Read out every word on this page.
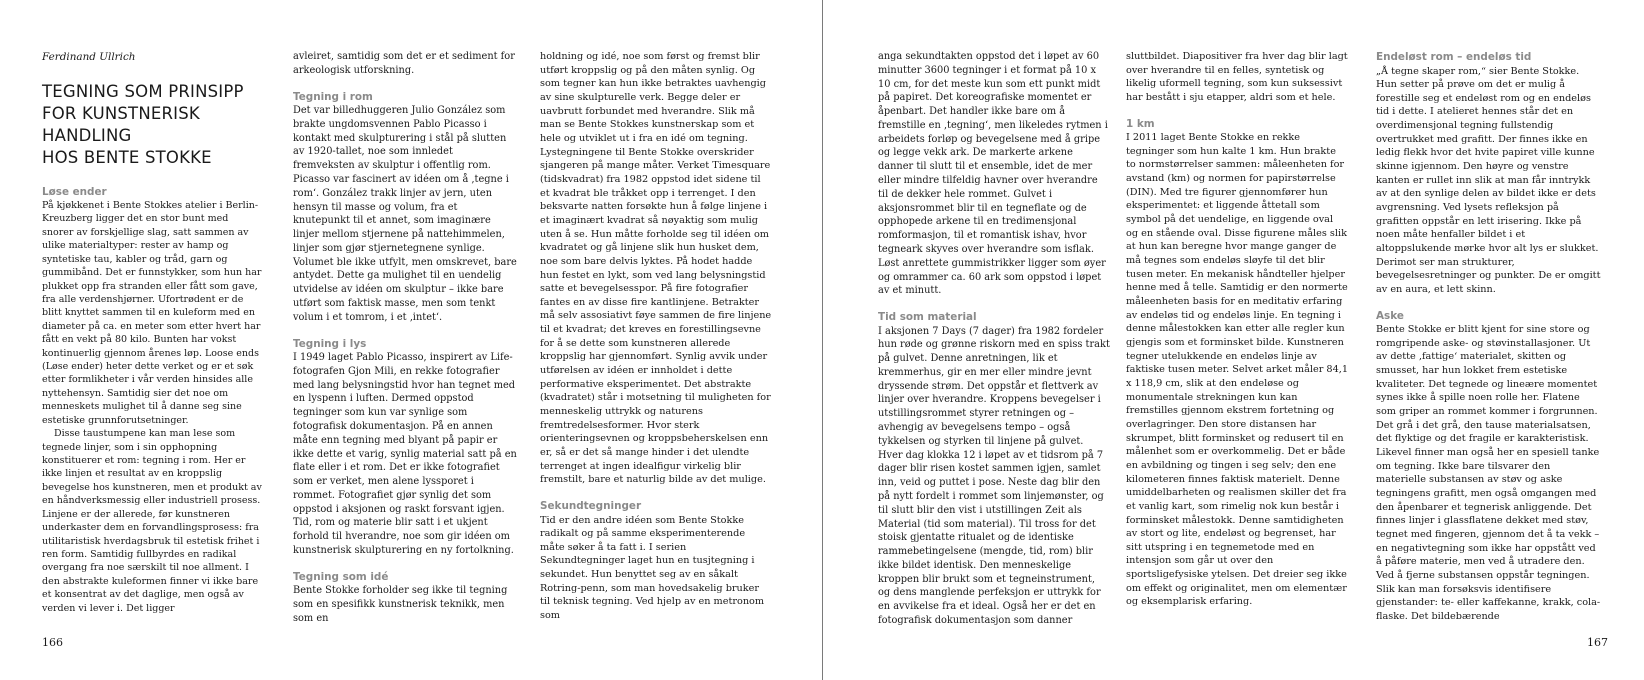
Ferdinand Ullrich
TEGNING SOM PRINSIPP
FOR KUNSTNERISK
HANDLING
HOS BENTE STOKKE
Løse ender

På kjøkkenet i Bente Stokkes atelier i Berlin-Kreuzberg ligger det en stor bunt med snorer av forskjellige slag, satt sammen av ulike materialtyper: rester av hamp og syntetiske tau, kabler og tråd, garn og gummibånd. Det er funnstykker, som hun har plukket opp fra stranden eller fått som gave, fra alle verdenshjørner. Ufortrødent er de blitt knyttet sammen til en kuleform med en diameter på ca. en meter som etter hvert har fått en vekt på 80 kilo. Bunten har vokst kontinuerlig gjennom årenes løp. Loose ends (Løse ender) heter dette verket og er et søk etter formlikheter i vår verden hinsides alle nyttehensyn. Samtidig sier det noe om menneskets mulighet til å danne seg sine estetiske grunnforutsetninger.

Disse taustumpene kan man lese som tegnede linjer, som i sin opphopning konstituerer et rom: tegning i rom. Her er ikke linjen et resultat av en kroppslig bevegelse hos kunstneren, men et produkt av en håndverksmessig eller industriell prosess. Linjene er der allerede, før kunstneren underkaster dem en forvandlingsprosess: fra utilitaristisk hverdagsbruk til estetisk frihet i ren form. Samtidig fullbyrdes en radikal overgang fra noe særskilt til noe allment. I den abstrakte kuleformen finner vi ikke bare et konsentrat av det daglige, men også av verden vi lever i. Det ligger

avleiret, samtidig som det er et sediment for arkeologisk utforskning.

Tegning i rom

Det var billedhuggeren Julio González som brakte ungdomsvennen Pablo Picasso i kontakt med skulpturering i stål på slutten av 1920-tallet, noe som innledet fremveksten av skulptur i offentlig rom. Picasso var fascinert av idéen om å ‚tegne i rom‘. González trakk linjer av jern, uten hensyn til masse og volum, fra et knutepunkt til et annet, som imaginære linjer mellom stjernene på nattehimmelen, linjer som gjør stjernetegnene synlige. Volumet ble ikke utfylt, men omskrevet, bare antydet. Dette ga mulighet til en uendelig utvidelse av idéen om skulptur – ikke bare utført som faktisk masse, men som tenkt volum i et tomrom, i et ‚intet‘.

Tegning i lys

I 1949 laget Pablo Picasso, inspirert av Life-fotografen Gjon Mili, en rekke fotografier med lang belysningstid hvor han tegnet med en lyspenn i luften. Dermed oppstod tegninger som kun var synlige som fotografisk dokumentasjon. På en annen måte enn tegning med blyant på papir er ikke dette et varig, synlig material satt på en flate eller i et rom. Det er ikke fotografiet som er verket, men alene lyssporet i rommet. Fotografiet gjør synlig det som oppstod i aksjonen og raskt forsvant igjen. Tid, rom og materie blir satt i et ukjent forhold til hverandre, noe som gir idéen om kunstnerisk skulpturering en ny fortolkning.

Tegning som idé

Bente Stokke forholder seg ikke til tegning som en spesifikk kunstnerisk teknikk, men som en

holdning og idé, noe som først og fremst blir utført kroppslig og på den måten synlig. Og som tegner kan hun ikke betraktes uavhengig av sine skulpturelle verk. Begge deler er uavbrutt forbundet med hverandre. Slik må man se Bente Stokkes kunstnerskap som et hele og utviklet ut i fra en idé om tegning. Lystegningene til Bente Stokke overskrider sjangeren på mange måter. Verket Timesquare (tidskvadrat) fra 1982 oppstod idet sidene til et kvadrat ble tråkket opp i terrenget. I den beksvarte natten forsøkte hun å følge linjene i et imaginært kvadrat så nøyaktig som mulig uten å se. Hun måtte forholde seg til idéen om kvadratet og gå linjene slik hun husket dem, noe som bare delvis lyktes. På hodet hadde hun festet en lykt, som ved lang belysningstid satte et bevegelsesspor. På fire fotografier fantes en av disse fire kantlinjene. Betrakter må selv assosiativt føye sammen de fire linjene til et kvadrat; det kreves en forestillingsevne for å se dette som kunstneren allerede kroppslig har gjennomført. Synlig avvik under utførelsen av idéen er innholdet i dette performative eksperimentet. Det abstrakte (kvadratet) står i motsetning til muligheten for menneskelig uttrykk og naturens fremtredelsesformer. Hvor sterk orienteringsevnen og kroppsbeherskelsen enn er, så er det så mange hinder i det ulendte terrenget at ingen idealfigur virkelig blir fremstilt, bare et naturlig bilde av det mulige.

Sekundtegninger

Tid er den andre idéen som Bente Stokke radikalt og på samme eksperimenterende måte søker å ta fatt i. I serien Sekundtegninger laget hun en tusjtegning i sekundet. Hun benyttet seg av en såkalt Rotring-penn, som man hovedsakelig bruker til teknisk tegning. Ved hjelp av en metronom som

166

anga sekundtakten oppstod det i løpet av 60 minutter 3600 tegninger i et format på 10 x 10 cm, for det meste kun som ett punkt midt på papiret. Det koreografiske momentet er åpenbart. Det handler ikke bare om å fremstille en ‚tegning‘, men likeledes rytmen i arbeidets forløp og bevegelsene med å gripe og legge vekk ark. De markerte arkene danner til slutt til et ensemble, idet de mer eller mindre tilfeldig havner over hverandre til de dekker hele rommet. Gulvet i aksjonsrommet blir til en tegneflate og de opphopede arkene til en tredimensjonal romformasjon, til et romantisk ishav, hvor tegneark skyves over hverandre som isflak. Løst anrettete gummistrikker ligger som øyer og omrammer ca. 60 ark som oppstod i løpet av et minutt.

Tid som material

I aksjonen 7 Days (7 dager) fra 1982 fordeler hun røde og grønne riskorn med en spiss trakt på gulvet. Denne anretningen, lik et kremmerhus, gir en mer eller mindre jevnt dryssende strøm. Det oppstår et flettverk av linjer over hverandre. Kroppens bevegelser i utstillingsrommet styrer retningen og – avhengig av bevegelsens tempo – også tykkelsen og styrken til linjene på gulvet. Hver dag klokka 12 i løpet av et tidsrom på 7 dager blir risen kostet sammen igjen, samlet inn, veid og puttet i pose. Neste dag blir den på nytt fordelt i rommet som linjemønster, og til slutt blir den vist i utstillingen Zeit als Material (tid som material). Til tross for det stoisk gjentatte ritualet og de identiske rammebetingelsene (mengde, tid, rom) blir ikke bildet identisk. Den menneskelige kroppen blir brukt som et tegneinstrument, og dens manglende perfeksjon er uttrykk for en avvikelse fra et ideal. Også her er det en fotografisk dokumentasjon som danner

sluttbildet. Diapositiver fra hver dag blir lagt over hverandre til en felles, syntetisk og likelig uformell tegning, som kun suksessivt har bestått i sju etapper, aldri som et hele.

1 km

I 2011 laget Bente Stokke en rekke tegninger som hun kalte 1 km. Hun brakte to normstørrelser sammen: måleenheten for avstand (km) og normen for papirstørrelse (DIN). Med tre figurer gjennomfører hun eksperimentet: et liggende åttetall som symbol på det uendelige, en liggende oval og en stående oval. Disse figurene måles slik at hun kan beregne hvor mange ganger de må tegnes som endeløs sløyfe til det blir tusen meter. En mekanisk håndteller hjelper henne med å telle. Samtidig er den normerte måleenheten basis for en meditativ erfaring av endeløs tid og endeløs linje. En tegning i denne målestokken kan etter alle regler kun gjengis som et forminsket bilde. Kunstneren tegner utelukkende en endeløs linje av faktiske tusen meter. Selvet arket måler 84,1 x 118,9 cm, slik at den endeløse og monumentale strekningen kun kan fremstilles gjennom ekstrem fortetning og overlagringer. Den store distansen har skrumpet, blitt forminsket og redusert til en målenhet som er overkommelig. Det er både en avbildning og tingen i seg selv; den ene kilometeren finnes faktisk materielt. Denne umiddelbarheten og realismen skiller det fra et vanlig kart, som rimelig nok kun består i forminsket målestokk. Denne samtidigheten av stort og lite, endeløst og begrenset, har sitt utspring i en tegnemetode med en intensjon som går ut over den sportsligefysiske ytelsen. Det dreier seg ikke om effekt og originalitet, men om elementær og eksemplarisk erfaring.

Endeløst rom – endeløs tid

„Å tegne skaper rom,“ sier Bente Stokke. Hun setter på prøve om det er mulig å forestille seg et endeløst rom og en endeløs tid i dette. I atelieret hennes står det en overdimensjonal tegning fullstendig overtrukket med grafitt. Der finnes ikke en ledig flekk hvor det hvite papiret ville kunne skinne igjennom. Den høyre og venstre kanten er rullet inn slik at man får inntrykk av at den synlige delen av bildet ikke er dets avgrensning. Ved lysets refleksjon på grafitten oppstår en lett irisering. Ikke på noen måte henfaller bildet i et altoppslukende mørke hvor alt lys er slukket. Derimot ser man strukturer, bevegelsesretninger og punkter. De er omgitt av en aura, et lett skinn.

Aske

Bente Stokke er blitt kjent for sine store og romgripende aske- og støvinstallasjoner. Ut av dette ‚fattige‘ materialet, skitten og smusset, har hun lokket frem estetiske kvaliteter. Det tegnede og lineære momentet synes ikke å spille noen rolle her. Flatene som griper an rommet kommer i forgrunnen. Det grå i det grå, den tause materialsatsen, det flyktige og det fragile er karakteristisk. Likevel finner man også her en spesiell tanke om tegning. Ikke bare tilsvarer den materielle substansen av støv og aske tegningens grafitt, men også omgangen med den åpenbarer et tegnerisk anliggende. Det finnes linjer i glassflatene dekket med støv, tegnet med fingeren, gjennom det å ta vekk – en negativtegning som ikke har oppstått ved å påføre materie, men ved å utradere den. Ved å fjerne substansen oppstår tegningen. Slik kan man forsøksvis identifisere gjenstander: te- eller kaffekanne, krakk, cola-flaske. Det bildebærende

167
